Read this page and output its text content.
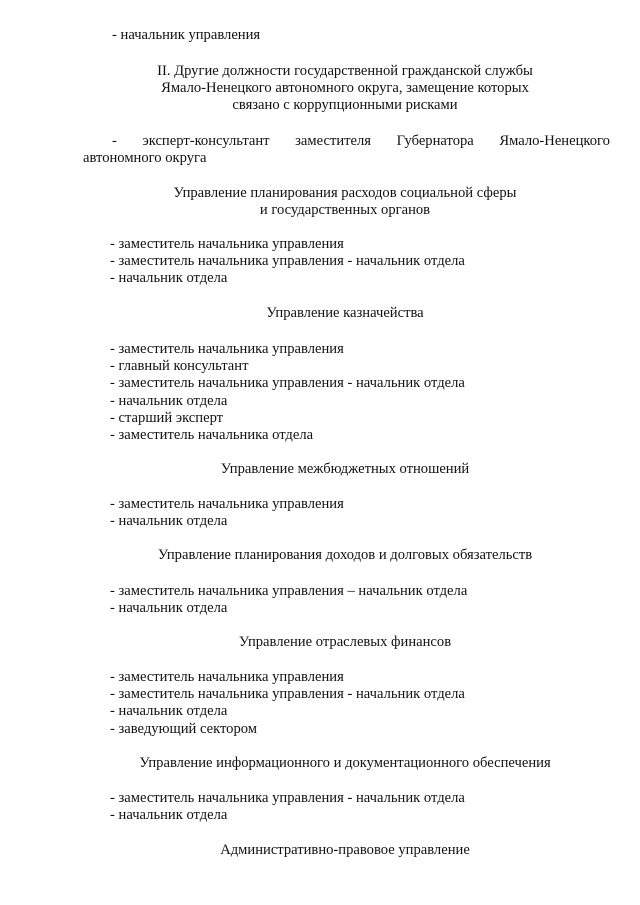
- начальник управления
II. Другие должности государственной гражданской службы
Ямало-Ненецкого автономного округа, замещение которых
связано с коррупционными рисками
- эксперт-консультант заместителя Губернатора Ямало-Ненецкого
автономного округа
Управление планирования расходов социальной сферы
и государственных органов
- заместитель начальника управления
- заместитель начальника управления - начальник отдела
- начальник отдела
Управление казначейства
- заместитель начальника управления
- главный консультант
- заместитель начальника управления - начальник отдела
- начальник отдела
- старший эксперт
- заместитель начальника отдела
Управление межбюджетных отношений
- заместитель начальника управления
- начальник отдела
Управление планирования доходов и долговых обязательств
- заместитель начальника управления – начальник отдела
- начальник отдела
Управление отраслевых финансов
- заместитель начальника управления
- заместитель начальника управления - начальник отдела
- начальник отдела
- заведующий сектором
Управление информационного и документационного обеспечения
- заместитель начальника управления - начальник отдела
- начальник отдела
Административно-правовое управление
